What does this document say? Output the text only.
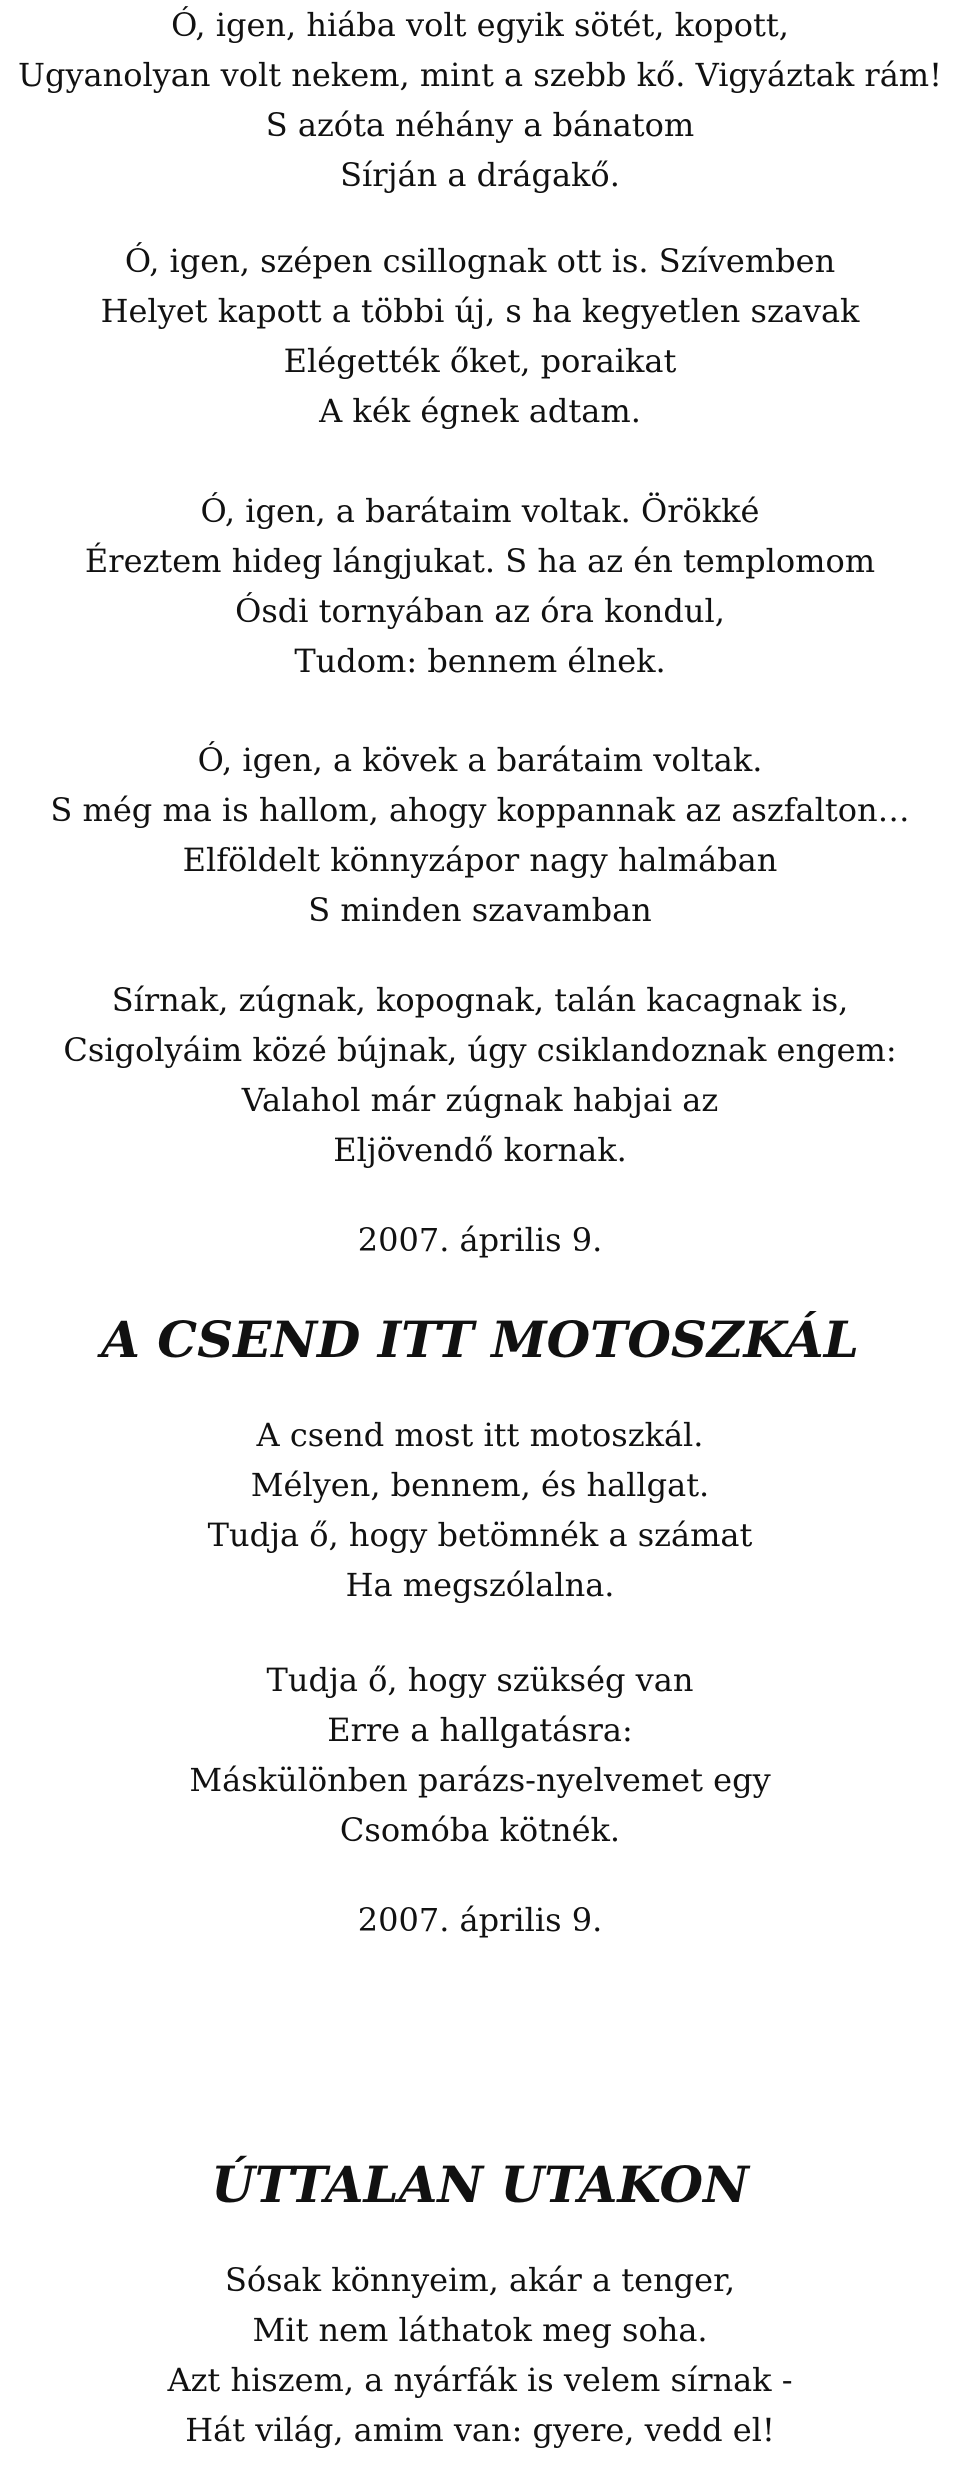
Ó, igen, hiába volt egyik sötét, kopott,
Ugyanolyan volt nekem, mint a szebb kő. Vigyáztak rám!
S azóta néhány a bánatom
Sírján a drágakő.
Ó, igen, szépen csillognak ott is. Szívemben
Helyet kapott a többi új, s ha kegyetlen szavak
Elégették őket, poraikat
A kék égnek adtam.
Ó, igen, a barátaim voltak. Örökké
Éreztem hideg lángjukat. S ha az én templomom
Ósdi tornyában az óra kondul,
Tudom: bennem élnek.
Ó, igen, a kövek a barátaim voltak.
S még ma is hallom, ahogy koppannak az aszfalton…
Elföldelt könnyzápor nagy halmában
S minden szavamban
Sírnak, zúgnak, kopognak, talán kacagnak is,
Csigolyáim közé bújnak, úgy csiklandoznak engem:
Valahol már zúgnak habjai az
Eljövendő kornak.
2007. április 9.
A CSEND ITT MOTOSZKÁL
A csend most itt motoszkál.
Mélyen, bennem, és hallgat.
Tudja ő, hogy betömnék a számat
Ha megszólalna.
Tudja ő, hogy szükség van
Erre a hallgatásra:
Máskülönben parázs-nyelvemet egy
Csomóba kötnék.
2007. április 9.
ÚTTALAN UTAKON
Sósak könnyeim, akár a tenger,
Mit nem láthatok meg soha.
Azt hiszem, a nyárfák is velem sírnak -
Hát világ, amim van: gyere, vedd el!
